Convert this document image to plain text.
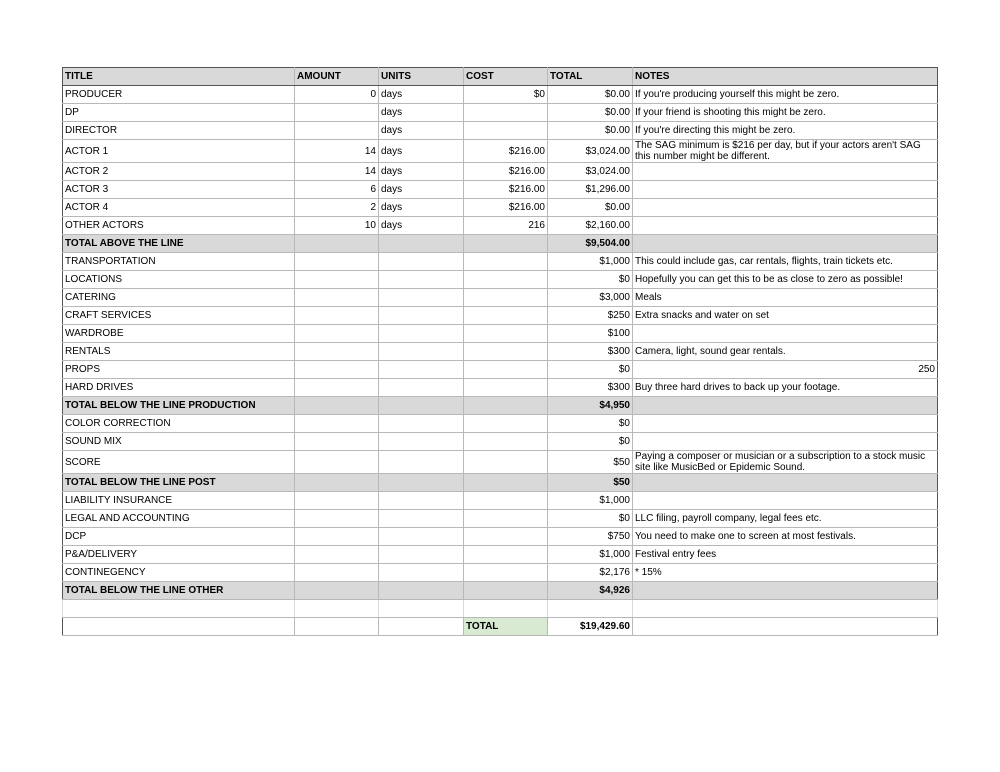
TITLE	AMOUNT	UNITS	COST	TOTAL	NOTES
PRODUCER	0	days	$0	$0.00	If you're producing yourself this might be zero.
DP		days		$0.00	If your friend is shooting this might be zero.
DIRECTOR		days		$0.00	If you're directing this might be zero.
ACTOR 1	14	days	$216.00	$3,024.00	The SAG minimum is $216 per day, but if your actors aren't SAG this number might be different.
ACTOR 2	14	days	$216.00	$3,024.00	
ACTOR 3	6	days	$216.00	$1,296.00	
ACTOR 4	2	days	$216.00	$0.00	
OTHER ACTORS	10	days	216	$2,160.00	
TOTAL ABOVE THE LINE				$9,504.00	
TRANSPORTATION				$1,000	This could include gas, car rentals, flights, train tickets etc.
LOCATIONS				$0	Hopefully you can get this to be as close to zero as possible!
CATERING				$3,000	Meals
CRAFT SERVICES				$250	Extra snacks and water on set
WARDROBE				$100	
RENTALS				$300	Camera, light, sound gear rentals.
PROPS				$0	250
HARD DRIVES				$300	Buy three hard drives to back up your footage.
TOTAL BELOW THE LINE PRODUCTION				$4,950	
COLOR CORRECTION				$0	
SOUND MIX				$0	
SCORE				$50	Paying a composer or musician or a subscription to a stock music site like MusicBed or Epidemic Sound.
TOTAL BELOW THE LINE POST				$50	
LIABILITY INSURANCE				$1,000	
LEGAL AND ACCOUNTING				$0	LLC filing, payroll company, legal fees etc.
DCP				$750	You need to make one to screen at most festivals.
P&A/DELIVERY				$1,000	Festival entry fees
CONTINEGENCY				$2,176	* 15%
TOTAL BELOW THE LINE OTHER				$4,926	

			TOTAL	$19,429.60	
